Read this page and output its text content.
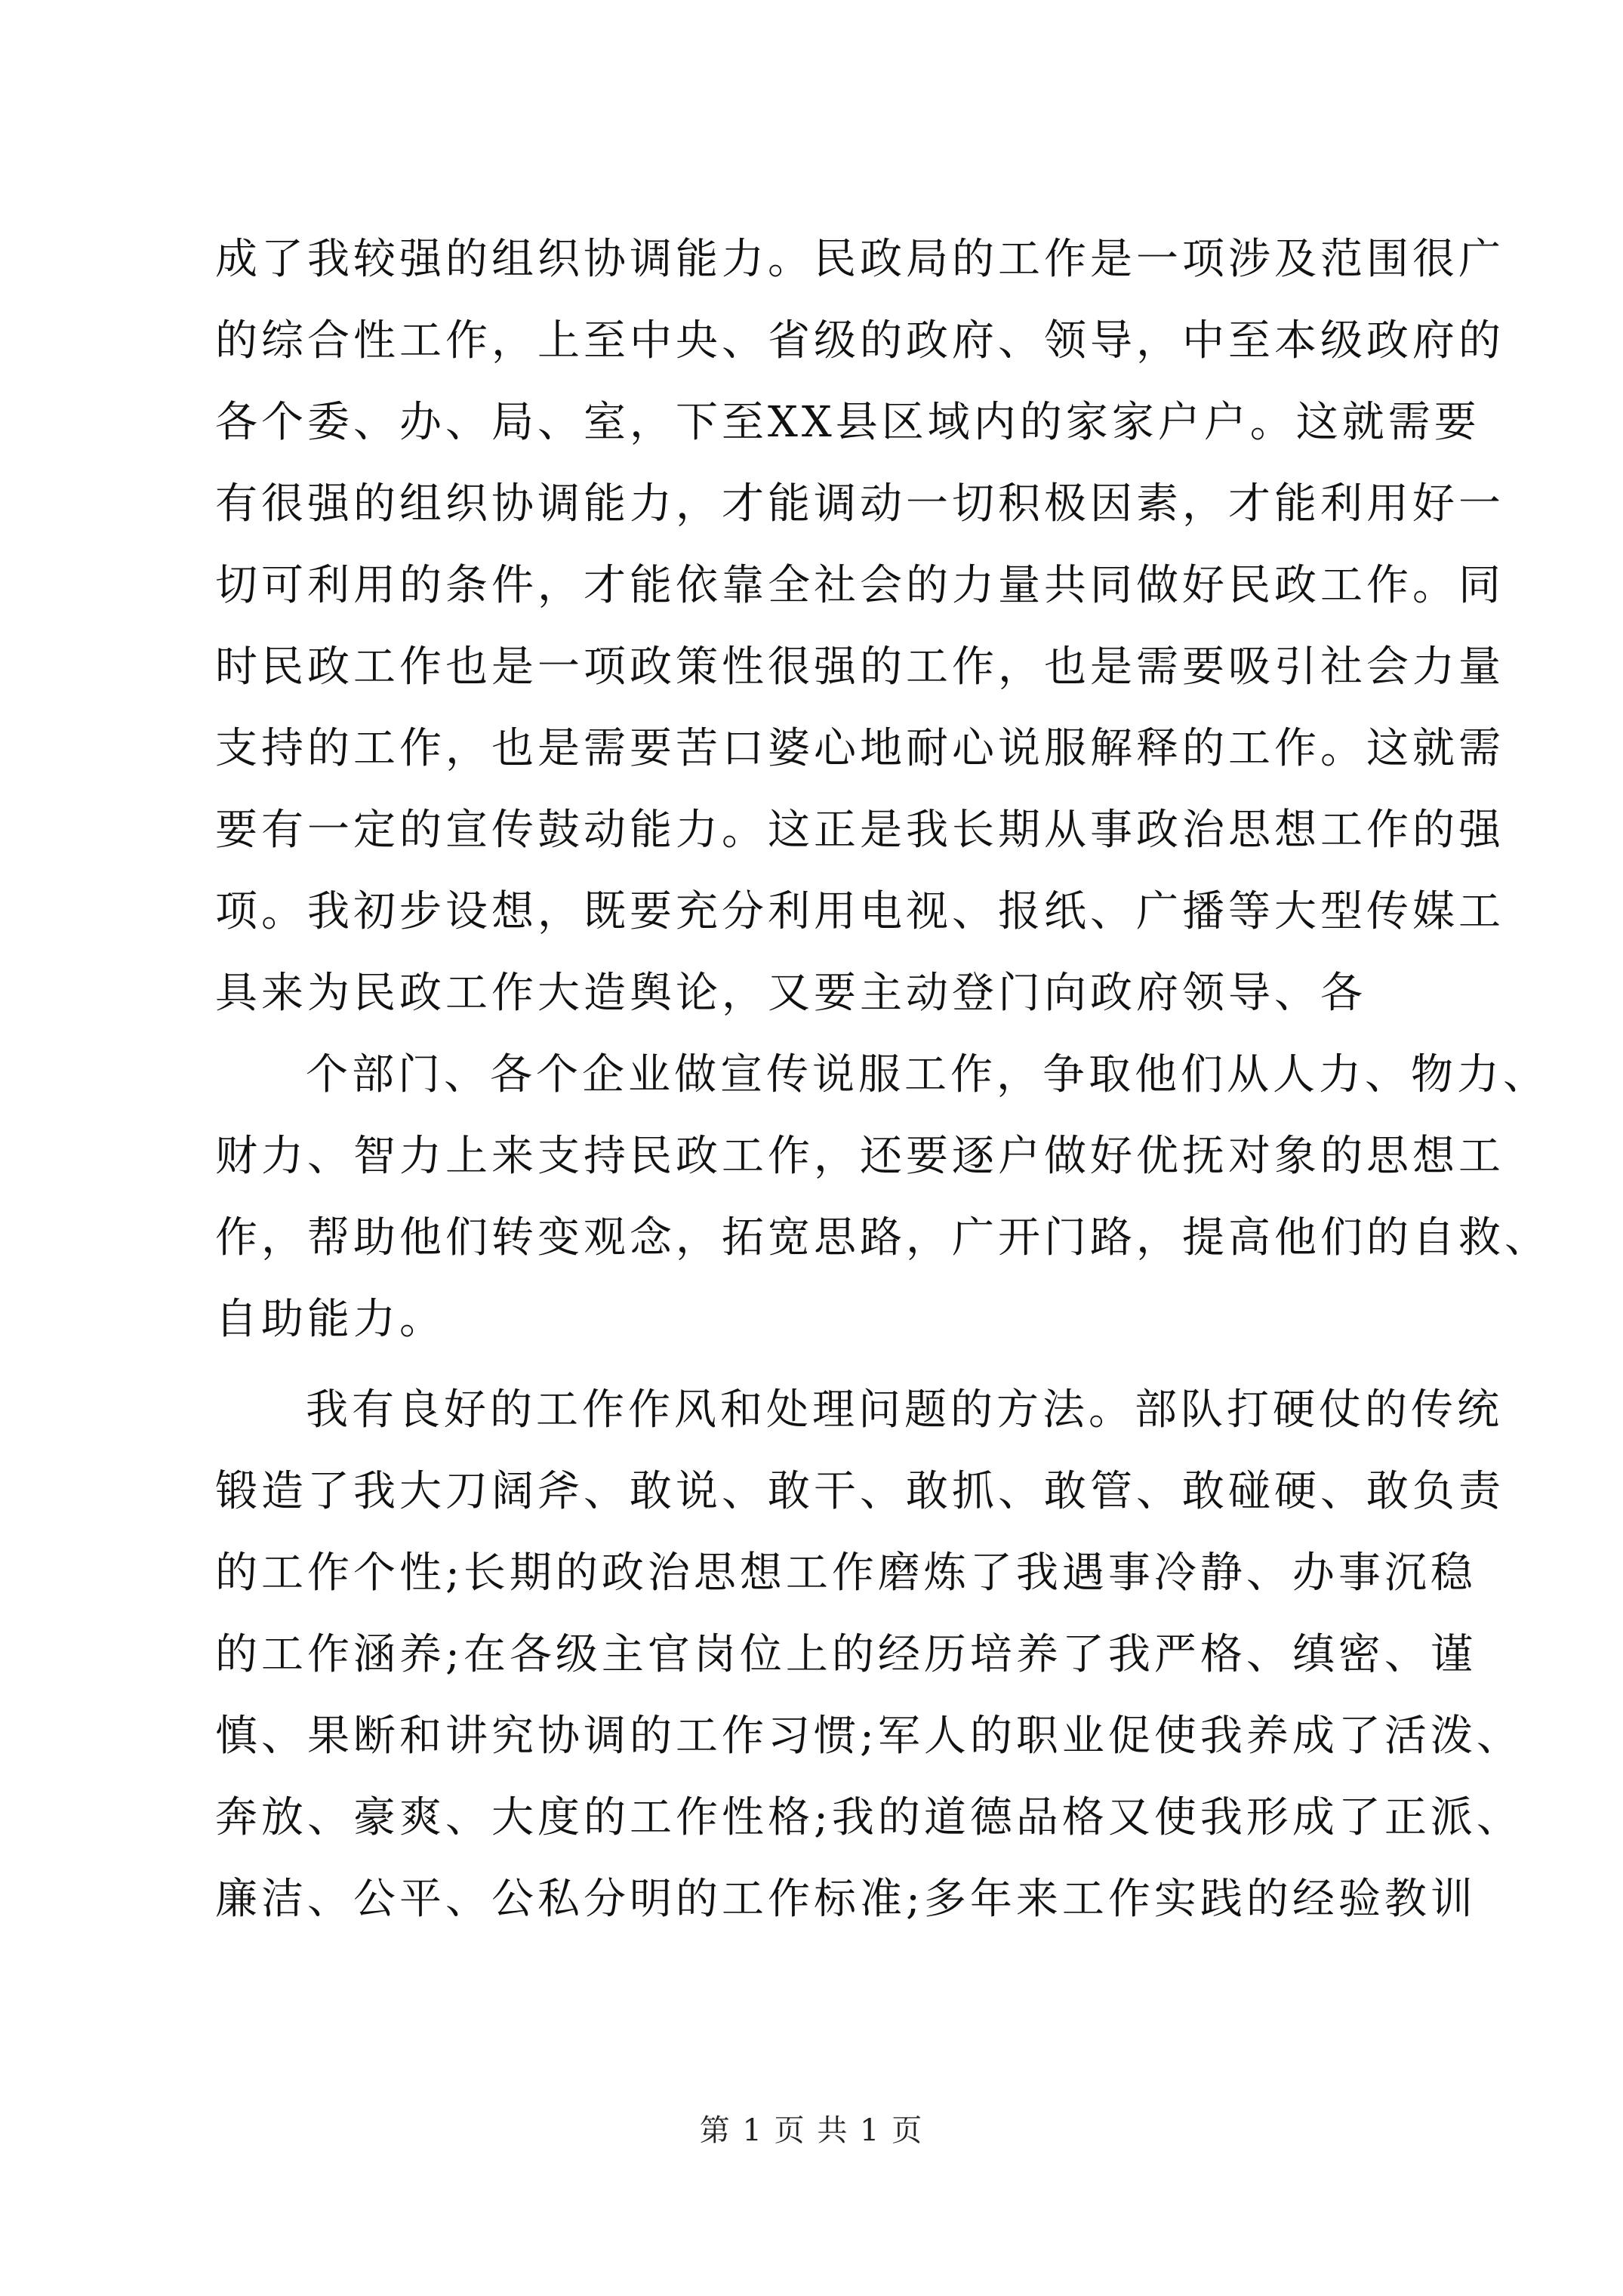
成了我较强的组织协调能力。民政局的工作是一项涉及范围很广
的综合性工作，上至中央、省级的政府、领导，中至本级政府的
各个委、办、局、室，下至XX县区域内的家家户户。这就需要
有很强的组织协调能力，才能调动一切积极因素，才能利用好一
切可利用的条件，才能依靠全社会的力量共同做好民政工作。同
时民政工作也是一项政策性很强的工作，也是需要吸引社会力量
支持的工作，也是需要苦口婆心地耐心说服解释的工作。这就需
要有一定的宣传鼓动能力。这正是我长期从事政治思想工作的强
项。我初步设想，既要充分利用电视、报纸、广播等大型传媒工
具来为民政工作大造舆论，又要主动登门向政府领导、各
个部门、各个企业做宣传说服工作，争取他们从人力、物力、
财力、智力上来支持民政工作，还要逐户做好优抚对象的思想工
作，帮助他们转变观念，拓宽思路，广开门路，提高他们的自救、
自助能力。
我有良好的工作作风和处理问题的方法。部队打硬仗的传统
锻造了我大刀阔斧、敢说、敢干、敢抓、敢管、敢碰硬、敢负责
的工作个性;长期的政治思想工作磨炼了我遇事冷静、办事沉稳
的工作涵养;在各级主官岗位上的经历培养了我严格、缜密、谨
慎、果断和讲究协调的工作习惯;军人的职业促使我养成了活泼、
奔放、豪爽、大度的工作性格;我的道德品格又使我形成了正派、
廉洁、公平、公私分明的工作标准;多年来工作实践的经验教训
第 1 页 共 1 页
